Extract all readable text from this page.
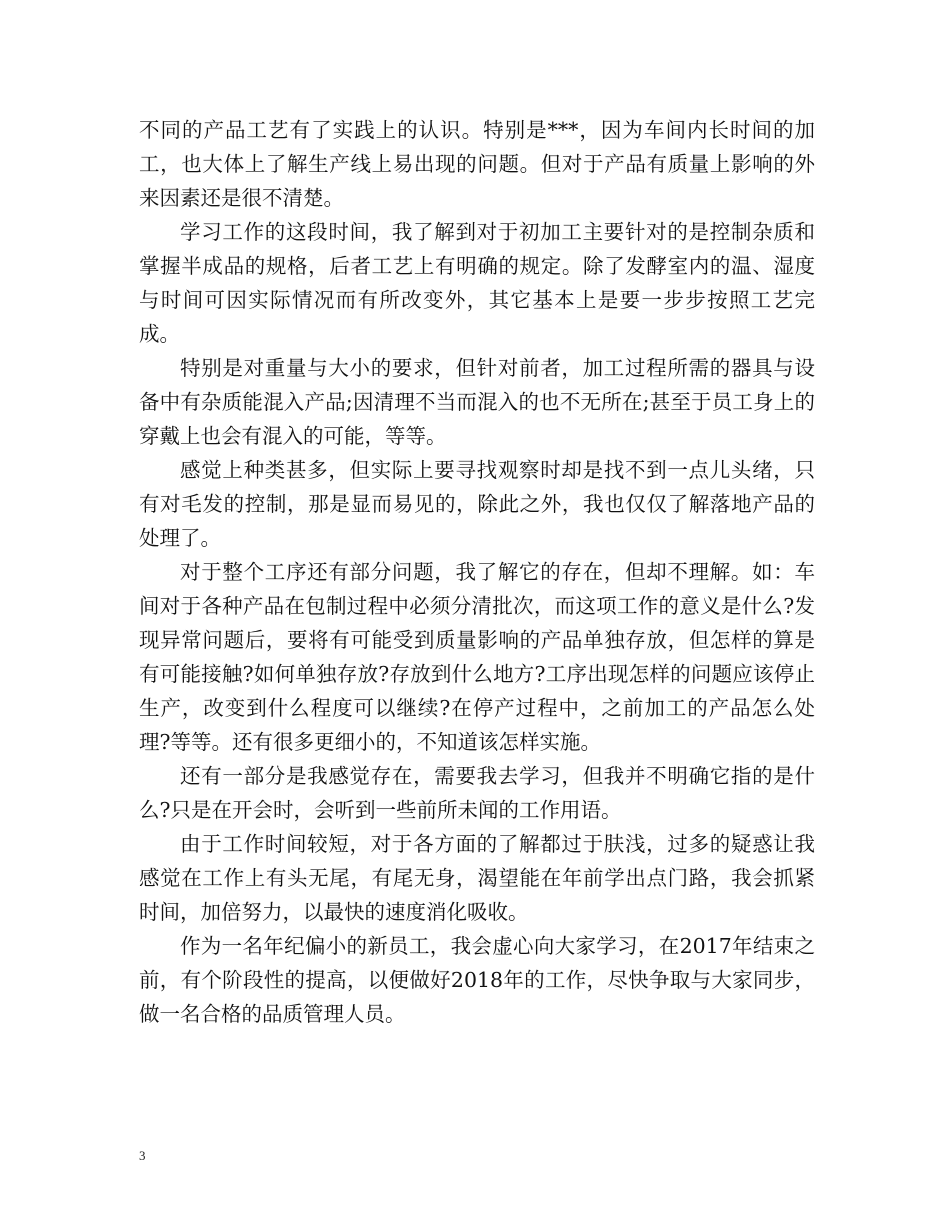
不同的产品工艺有了实践上的认识。特别是***，因为车间内长时间的加工，也大体上了解生产线上易出现的问题。但对于产品有质量上影响的外来因素还是很不清楚。

学习工作的这段时间，我了解到对于初加工主要针对的是控制杂质和掌握半成品的规格，后者工艺上有明确的规定。除了发酵室内的温、湿度与时间可因实际情况而有所改变外，其它基本上是要一步步按照工艺完成。

特别是对重量与大小的要求，但针对前者，加工过程所需的器具与设备中有杂质能混入产品;因清理不当而混入的也不无所在;甚至于员工身上的穿戴上也会有混入的可能，等等。

感觉上种类甚多，但实际上要寻找观察时却是找不到一点儿头绪，只有对毛发的控制，那是显而易见的，除此之外，我也仅仅了解落地产品的处理了。

对于整个工序还有部分问题，我了解它的存在，但却不理解。如：车间对于各种产品在包制过程中必须分清批次，而这项工作的意义是什么?发现异常问题后，要将有可能受到质量影响的产品单独存放，但怎样的算是有可能接触?如何单独存放?存放到什么地方?工序出现怎样的问题应该停止生产，改变到什么程度可以继续?在停产过程中，之前加工的产品怎么处理?等等。还有很多更细小的，不知道该怎样实施。

还有一部分是我感觉存在，需要我去学习，但我并不明确它指的是什么?只是在开会时，会听到一些前所未闻的工作用语。

由于工作时间较短，对于各方面的了解都过于肤浅，过多的疑惑让我感觉在工作上有头无尾，有尾无身，渴望能在年前学出点门路，我会抓紧时间，加倍努力，以最快的速度消化吸收。

作为一名年纪偏小的新员工，我会虚心向大家学习，在2017年结束之前，有个阶段性的提高，以便做好2018年的工作，尽快争取与大家同步，做一名合格的品质管理人员。

3
